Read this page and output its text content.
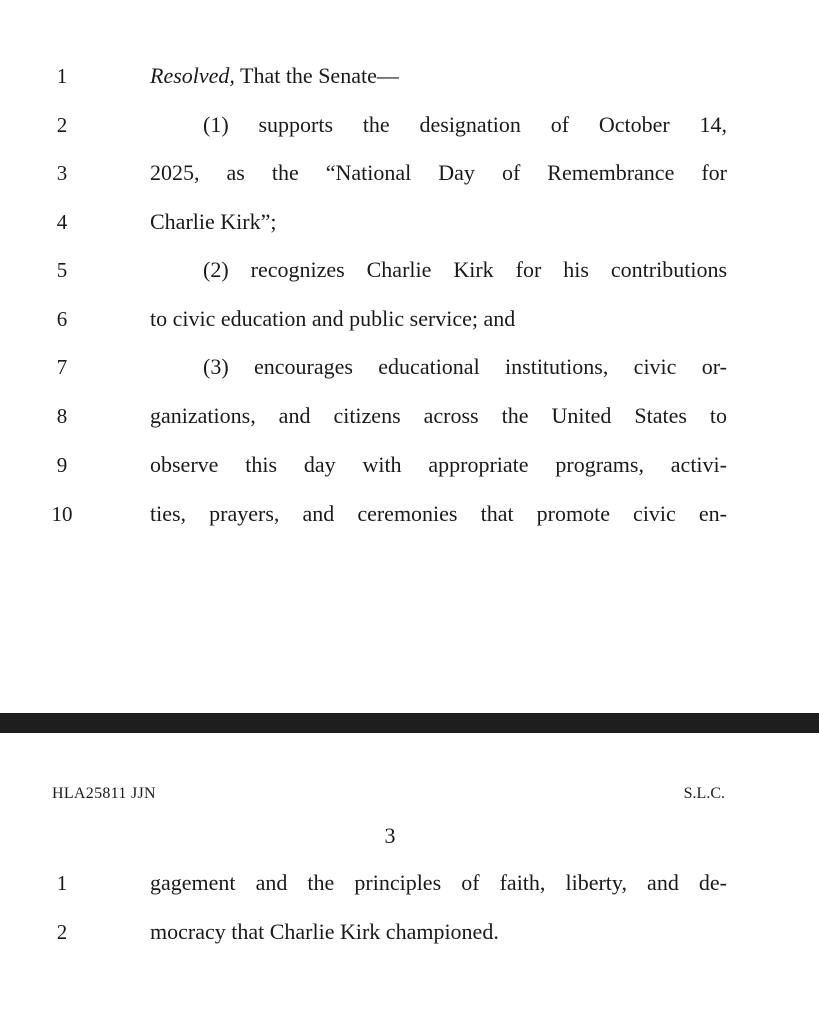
1	Resolved, That the Senate—
2	(1) supports the designation of October 14,
3	2025, as the “National Day of Remembrance for
4	Charlie Kirk”;
5	(2) recognizes Charlie Kirk for his contributions
6	to civic education and public service; and
7	(3) encourages educational institutions, civic or-
8	ganizations, and citizens across the United States to
9	observe this day with appropriate programs, activi-
10	ties, prayers, and ceremonies that promote civic en-
HLA25811 JJN	S.L.C.
3
1	gagement and the principles of faith, liberty, and de-
2	mocracy that Charlie Kirk championed.
